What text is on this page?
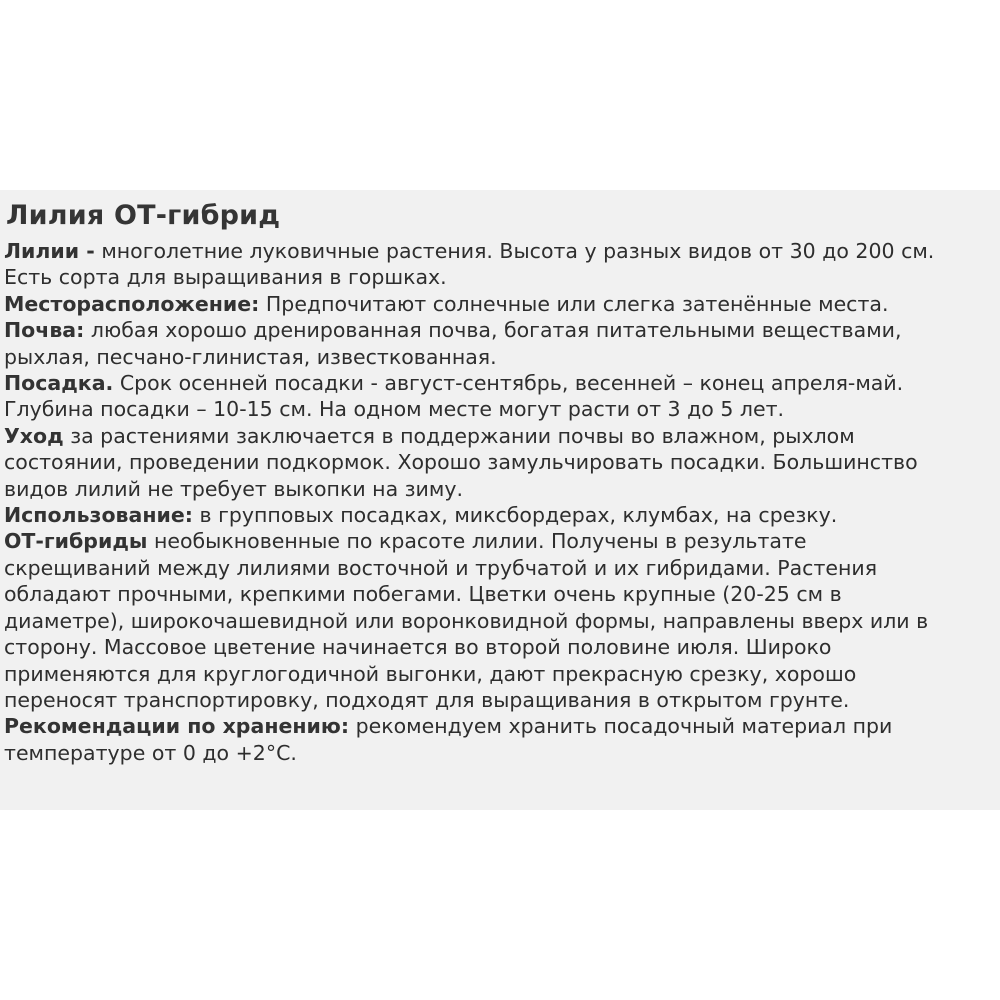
Лилия ОТ-гибрид
Лилии - многолетние луковичные растения. Высота у разных видов от 30 до 200 см.
Есть сорта для выращивания в горшках.
Месторасположение: Предпочитают солнечные или слегка затенённые места.
Почва: любая хорошо дренированная почва, богатая питательными веществами,
рыхлая, песчано-глинистая, известкованная.
Посадка. Срок осенней посадки - август-сентябрь, весенней – конец апреля-май.
Глубина посадки – 10-15 см. На одном месте могут расти от 3 до 5 лет.
Уход за растениями заключается в поддержании почвы во влажном, рыхлом
состоянии, проведении подкормок. Хорошо замульчировать посадки. Большинство
видов лилий не требует выкопки на зиму.
Использование: в групповых посадках, миксбордерах, клумбах, на срезку.
ОТ-гибриды необыкновенные по красоте лилии. Получены в результате
скрещиваний между лилиями восточной и трубчатой и их гибридами. Растения
обладают прочными, крепкими побегами. Цветки очень крупные (20-25 см в
диаметре), широкочашевидной или воронковидной формы, направлены вверх или в
сторону. Массовое цветение начинается во второй половине июля. Широко
применяются для круглогодичной выгонки, дают прекрасную срезку, хорошо
переносят транспортировку, подходят для выращивания в открытом грунте.
Рекомендации по хранению: рекомендуем хранить посадочный материал при
температуре от 0 до +2°С.
